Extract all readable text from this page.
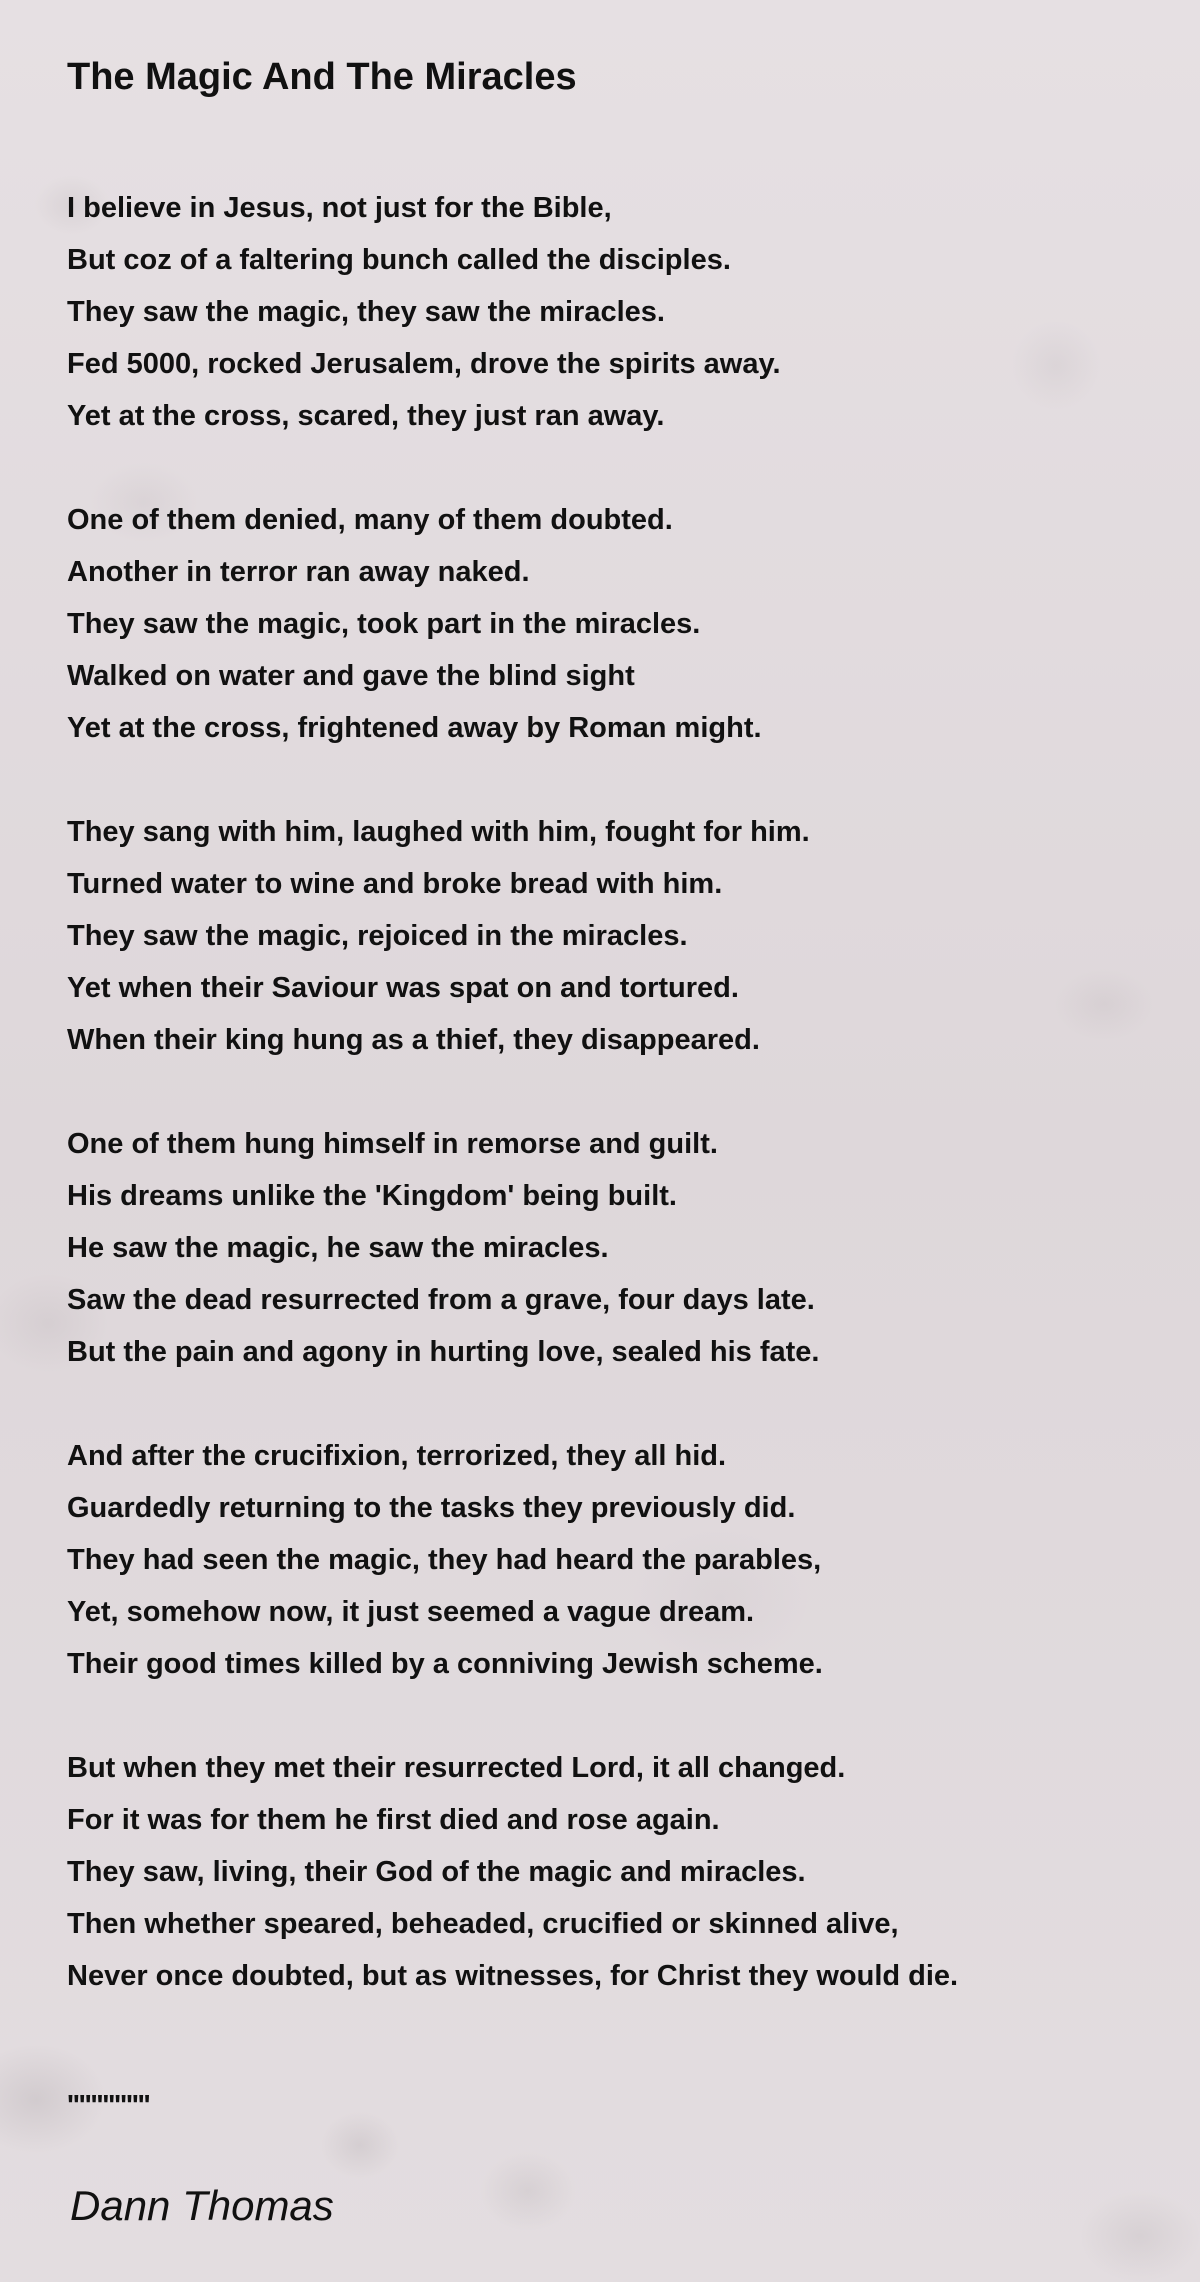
The Magic And The Miracles
I believe in Jesus, not just for the Bible,
But coz of a faltering bunch called the disciples.
They saw the magic, they saw the miracles.
Fed 5000, rocked Jerusalem, drove the spirits away.
Yet at the cross, scared, they just ran away.
One of them denied, many of them doubted.
Another in terror ran away naked.
They saw the magic, took part in the miracles.
Walked on water and gave the blind sight
Yet at the cross, frightened away by Roman might.
They sang with him, laughed with him, fought for him.
Turned water to wine and broke bread with him.
They saw the magic, rejoiced in the miracles.
Yet when their Saviour was spat on and tortured.
When their king hung as a thief, they disappeared.
One of them hung himself in remorse and guilt.
His dreams unlike the 'Kingdom' being built.
He saw the magic, he saw the miracles.
Saw the dead resurrected from a grave, four days late.
But the pain and agony in hurting love, sealed his fate.
And after the crucifixion, terrorized, they all hid.
Guardedly returning to the tasks they previously did.
They had seen the magic, they had heard the parables,
Yet, somehow now, it just seemed a vague dream.
Their good times killed by a conniving Jewish scheme.
But when they met their resurrected Lord, it all changed.
For it was for them he first died and rose again.
They saw, living, their God of the magic and miracles.
Then whether speared, beheaded, crucified or skinned alive,
Never once doubted, but as witnesses, for Christ they would die.
''''''''''''''
Dann Thomas
